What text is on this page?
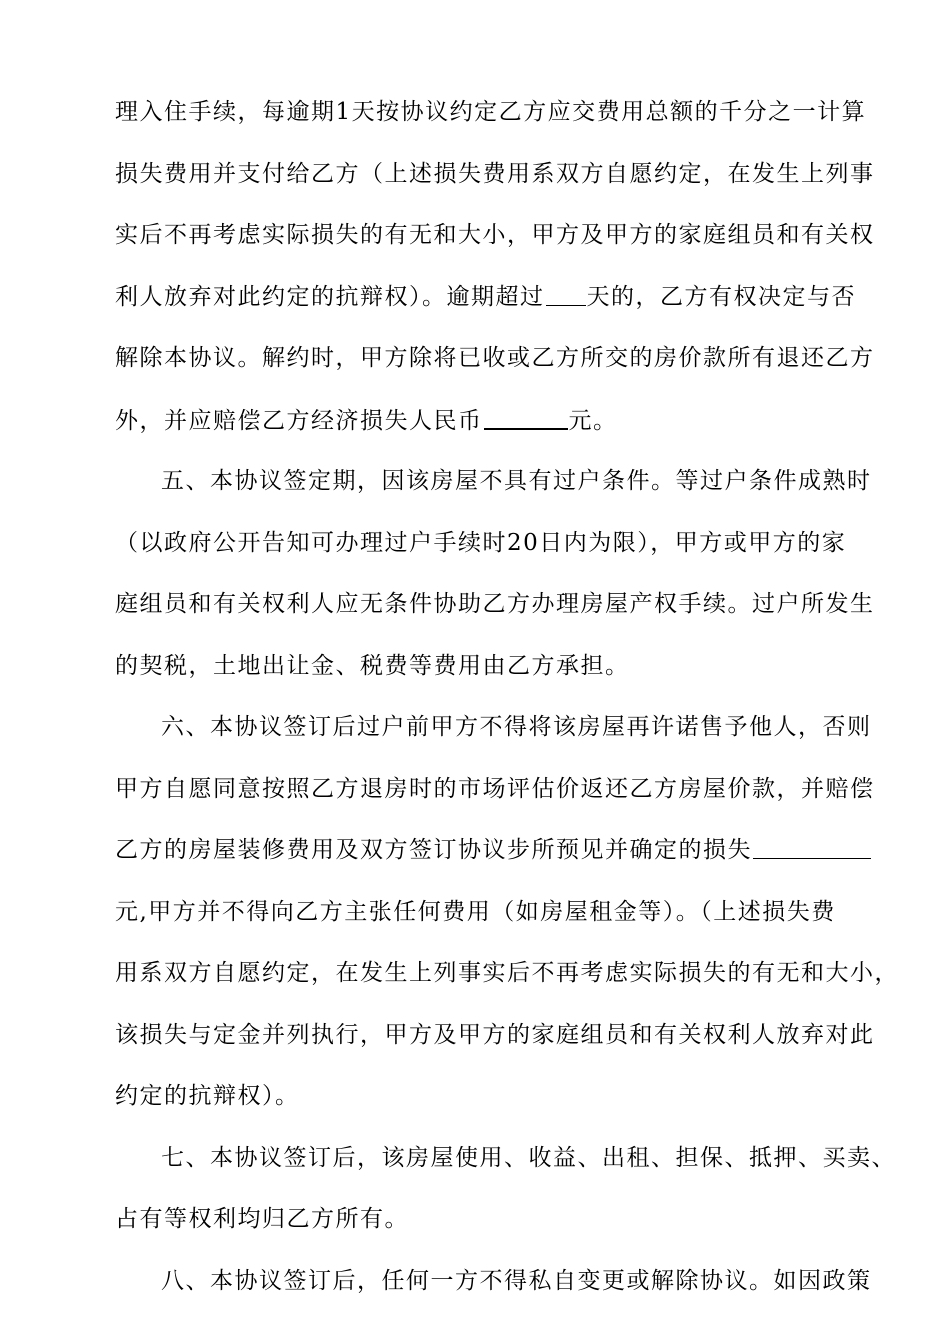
理入住手续，每逾期1天按协议约定乙方应交费用总额的千分之一计算
损失费用并支付给乙方（上述损失费用系双方自愿约定，在发生上列事
实后不再考虑实际损失的有无和大小，甲方及甲方的家庭组员和有关权
利人放弃对此约定的抗辩权）。逾期超过 天的，乙方有权决定与否
解除本协议。解约时，甲方除将已收或乙方所交的房价款所有退还乙方
外，并应赔偿乙方经济损失人民币	元。
五、本协议签定期，因该房屋不具有过户条件。等过户条件成熟时
（以政府公开告知可办理过户手续时20日内为限），甲方或甲方的家
庭组员和有关权利人应无条件协助乙方办理房屋产权手续。过户所发生
的契税，土地出让金、税费等费用由乙方承担。
六、本协议签订后过户前甲方不得将该房屋再许诺售予他人，否则
甲方自愿同意按照乙方退房时的市场评估价返还乙方房屋价款，并赔偿
乙方的房屋装修费用及双方签订协议步所预见并确定的损失
元,甲方并不得向乙方主张任何费用（如房屋租金等）。（上述损失费
用系双方自愿约定，在发生上列事实后不再考虑实际损失的有无和大小，
该损失与定金并列执行，甲方及甲方的家庭组员和有关权利人放弃对此
约定的抗辩权）。
七、本协议签订后，该房屋使用、收益、出租、担保、抵押、买卖、
占有等权利均归乙方所有。
八、本协议签订后，任何一方不得私自变更或解除协议。如因政策
